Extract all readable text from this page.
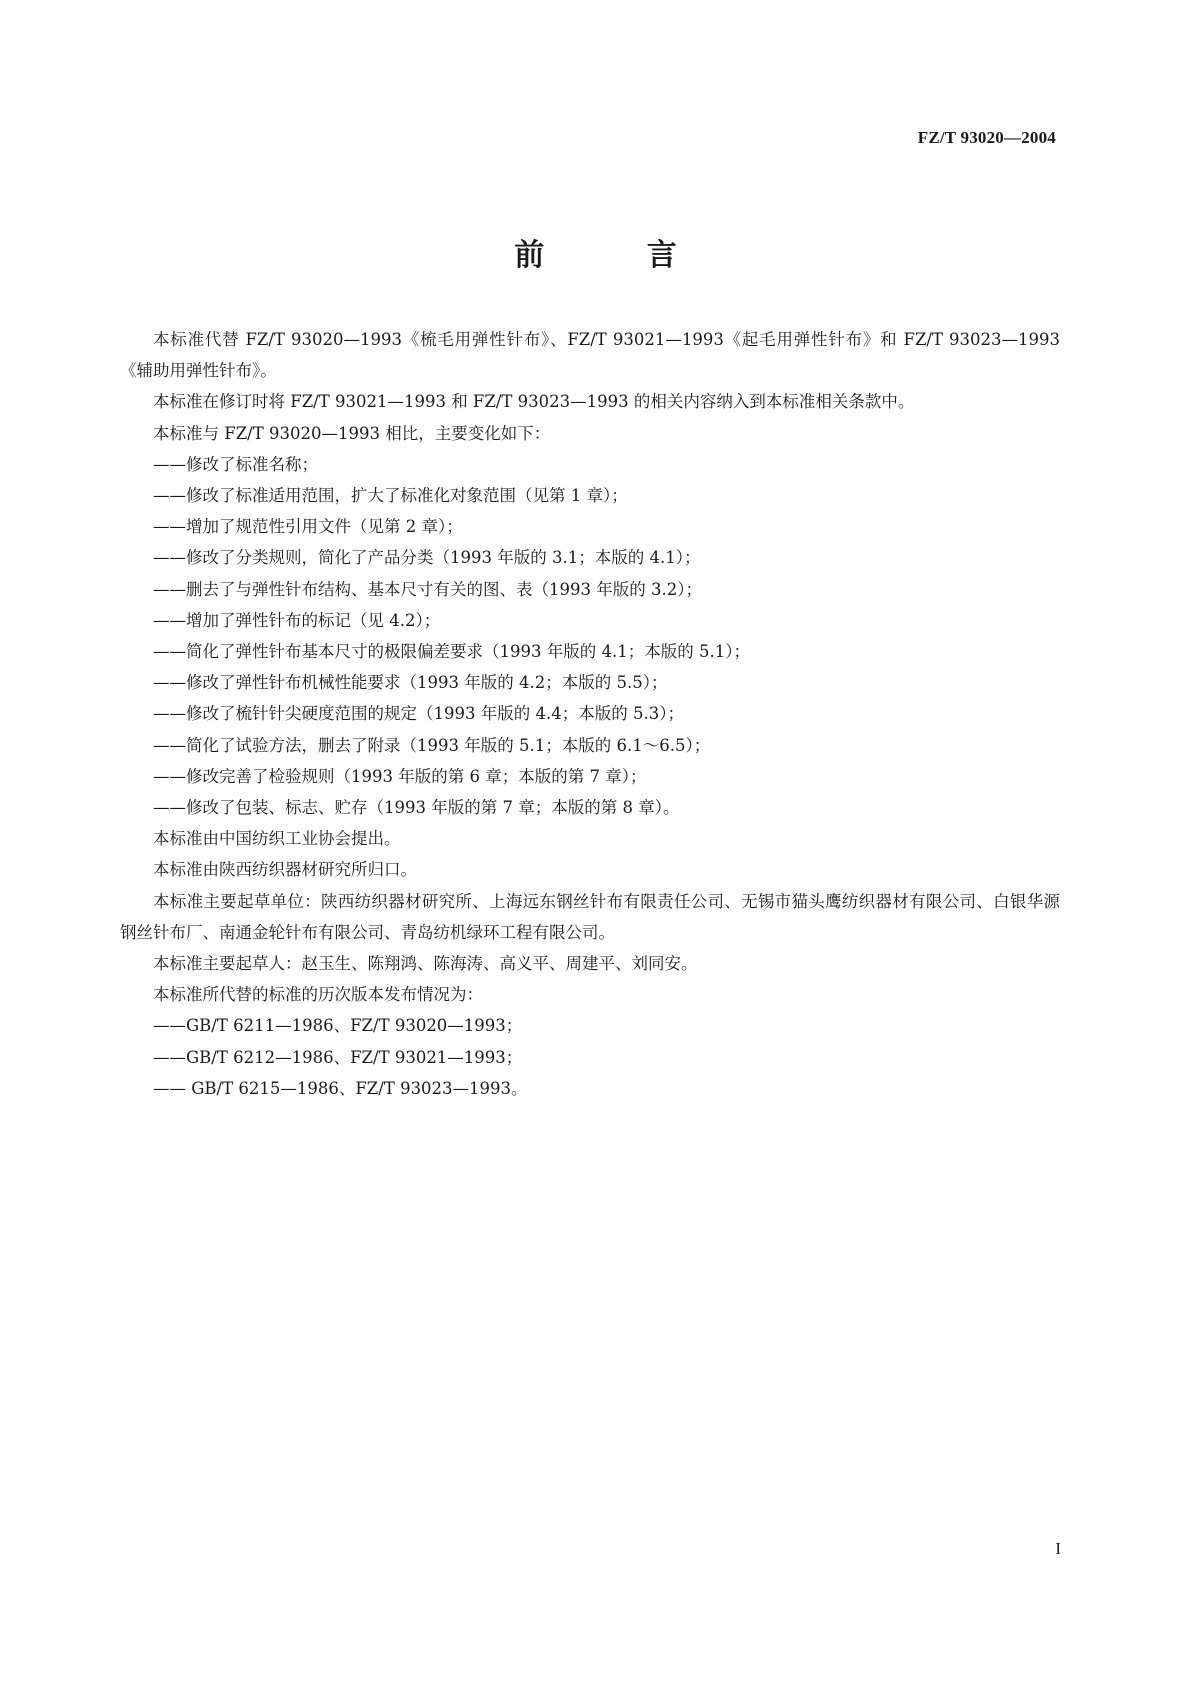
FZ/T 93020—2004
前 言

本标准代替 FZ/T 93020—1993《梳毛用弹性针布》、FZ/T 93021—1993《起毛用弹性针布》和 FZ/T 93023—1993《辅助用弹性针布》。

本标准在修订时将 FZ/T 93021—1993 和 FZ/T 93023—1993 的相关内容纳入到本标准相关条款中。

本标准与 FZ/T 93020—1993 相比，主要变化如下：

——修改了标准名称；

——修改了标准适用范围，扩大了标准化对象范围（见第 1 章）；

——增加了规范性引用文件（见第 2 章）；

——修改了分类规则，简化了产品分类（1993 年版的 3.1；本版的 4.1）；

——删去了与弹性针布结构、基本尺寸有关的图、表（1993 年版的 3.2）；

——增加了弹性针布的标记（见 4.2）；

——简化了弹性针布基本尺寸的极限偏差要求（1993 年版的 4.1；本版的 5.1）；

——修改了弹性针布机械性能要求（1993 年版的 4.2；本版的 5.5）；

——修改了梳针针尖硬度范围的规定（1993 年版的 4.4；本版的 5.3）；

——简化了试验方法，删去了附录（1993 年版的 5.1；本版的 6.1～6.5）；

——修改完善了检验规则（1993 年版的第 6 章；本版的第 7 章）；

——修改了包装、标志、贮存（1993 年版的第 7 章；本版的第 8 章）。

本标准由中国纺织工业协会提出。

本标准由陕西纺织器材研究所归口。

本标准主要起草单位：陕西纺织器材研究所、上海远东钢丝针布有限责任公司、无锡市猫头鹰纺织器材有限公司、白银华源钢丝针布厂、南通金轮针布有限公司、青岛纺机绿环工程有限公司。

本标准主要起草人：赵玉生、陈翔鸿、陈海涛、高义平、周建平、刘同安。

本标准所代替的标准的历次版本发布情况为：

——GB/T 6211—1986、FZ/T 93020—1993；

——GB/T 6212—1986、FZ/T 93021—1993；

—— GB/T 6215—1986、FZ/T 93023—1993。

I
